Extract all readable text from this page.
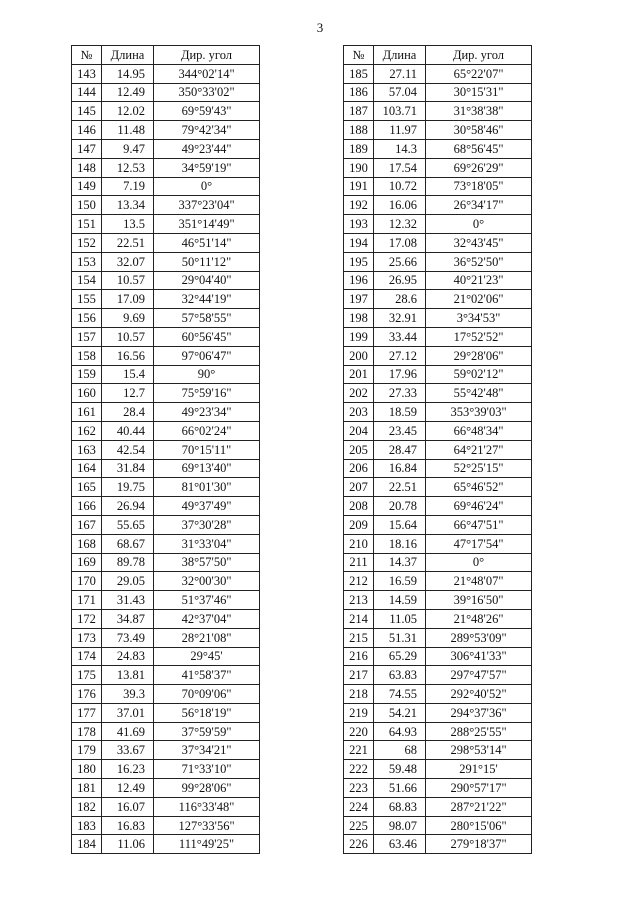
3
№	Длина	Дир. угол
143	14.95	344°02'14"
144	12.49	350°33'02"
145	12.02	69°59'43"
146	11.48	79°42'34"
147	9.47	49°23'44"
148	12.53	34°59'19"
149	7.19	0°
150	13.34	337°23'04"
151	13.5	351°14'49"
152	22.51	46°51'14"
153	32.07	50°11'12"
154	10.57	29°04'40"
155	17.09	32°44'19"
156	9.69	57°58'55"
157	10.57	60°56'45"
158	16.56	97°06'47"
159	15.4	90°
160	12.7	75°59'16"
161	28.4	49°23'34"
162	40.44	66°02'24"
163	42.54	70°15'11"
164	31.84	69°13'40"
165	19.75	81°01'30"
166	26.94	49°37'49"
167	55.65	37°30'28"
168	68.67	31°33'04"
169	89.78	38°57'50"
170	29.05	32°00'30"
171	31.43	51°37'46"
172	34.87	42°37'04"
173	73.49	28°21'08"
174	24.83	29°45'
175	13.81	41°58'37"
176	39.3	70°09'06"
177	37.01	56°18'19"
178	41.69	37°59'59"
179	33.67	37°34'21"
180	16.23	71°33'10"
181	12.49	99°28'06"
182	16.07	116°33'48"
183	16.83	127°33'56"
184	11.06	111°49'25"
№	Длина	Дир. угол
185	27.11	65°22'07"
186	57.04	30°15'31"
187	103.71	31°38'38"
188	11.97	30°58'46"
189	14.3	68°56'45"
190	17.54	69°26'29"
191	10.72	73°18'05"
192	16.06	26°34'17"
193	12.32	0°
194	17.08	32°43'45"
195	25.66	36°52'50"
196	26.95	40°21'23"
197	28.6	21°02'06"
198	32.91	3°34'53"
199	33.44	17°52'52"
200	27.12	29°28'06"
201	17.96	59°02'12"
202	27.33	55°42'48"
203	18.59	353°39'03"
204	23.45	66°48'34"
205	28.47	64°21'27"
206	16.84	52°25'15"
207	22.51	65°46'52"
208	20.78	69°46'24"
209	15.64	66°47'51"
210	18.16	47°17'54"
211	14.37	0°
212	16.59	21°48'07"
213	14.59	39°16'50"
214	11.05	21°48'26"
215	51.31	289°53'09"
216	65.29	306°41'33"
217	63.83	297°47'57"
218	74.55	292°40'52"
219	54.21	294°37'36"
220	64.93	288°25'55"
221	68	298°53'14"
222	59.48	291°15'
223	51.66	290°57'17"
224	68.83	287°21'22"
225	98.07	280°15'06"
226	63.46	279°18'37"
